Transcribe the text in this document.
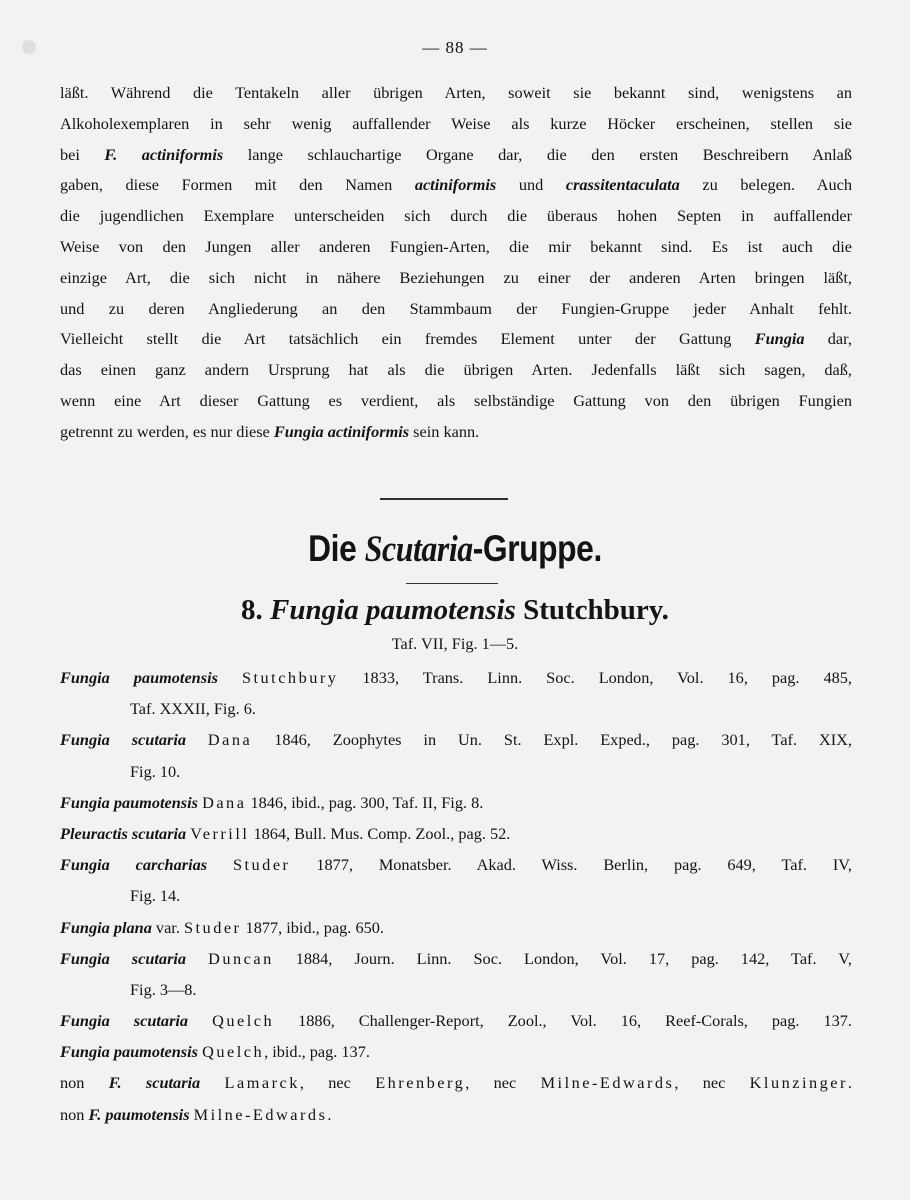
— 88 —
läßt. Während die Tentakeln aller übrigen Arten, soweit sie bekannt sind, wenigstens an
Alkoholexemplaren in sehr wenig auffallender Weise als kurze Höcker erscheinen, stellen sie
bei F. actiniformis lange schlauchartige Organe dar, die den ersten Beschreibern Anlaß
gaben, diese Formen mit den Namen actiniformis und crassitentaculata zu belegen. Auch
die jugendlichen Exemplare unterscheiden sich durch die überaus hohen Septen in auffallender
Weise von den Jungen aller anderen Fungien-Arten, die mir bekannt sind. Es ist auch die
einzige Art, die sich nicht in nähere Beziehungen zu einer der anderen Arten bringen läßt,
und zu deren Angliederung an den Stammbaum der Fungien-Gruppe jeder Anhalt fehlt.
Vielleicht stellt die Art tatsächlich ein fremdes Element unter der Gattung Fungia dar,
das einen ganz andern Ursprung hat als die übrigen Arten. Jedenfalls läßt sich sagen, daß,
wenn eine Art dieser Gattung es verdient, als selbständige Gattung von den übrigen Fungien
getrennt zu werden, es nur diese Fungia actiniformis sein kann.
Die Scutaria-Gruppe.
8. Fungia paumotensis Stutchbury.
Taf. VII, Fig. 1—5.
Fungia paumotensis Stutchbury 1833, Trans. Linn. Soc. London, Vol. 16, pag. 485,
Taf. XXXII, Fig. 6.
Fungia scutaria Dana 1846, Zoophytes in Un. St. Expl. Exped., pag. 301, Taf. XIX,
Fig. 10.
Fungia paumotensis Dana 1846, ibid., pag. 300, Taf. II, Fig. 8.
Pleuractis scutaria Verrill 1864, Bull. Mus. Comp. Zool., pag. 52.
Fungia carcharias Studer 1877, Monatsber. Akad. Wiss. Berlin, pag. 649, Taf. IV,
Fig. 14.
Fungia plana var. Studer 1877, ibid., pag. 650.
Fungia scutaria Duncan 1884, Journ. Linn. Soc. London, Vol. 17, pag. 142, Taf. V,
Fig. 3—8.
Fungia scutaria Quelch 1886, Challenger-Report, Zool., Vol. 16, Reef-Corals, pag. 137.
Fungia paumotensis Quelch, ibid., pag. 137.
non F. scutaria Lamarck, nec Ehrenberg, nec Milne-Edwards, nec Klunzinger.
non F. paumotensis Milne-Edwards.
